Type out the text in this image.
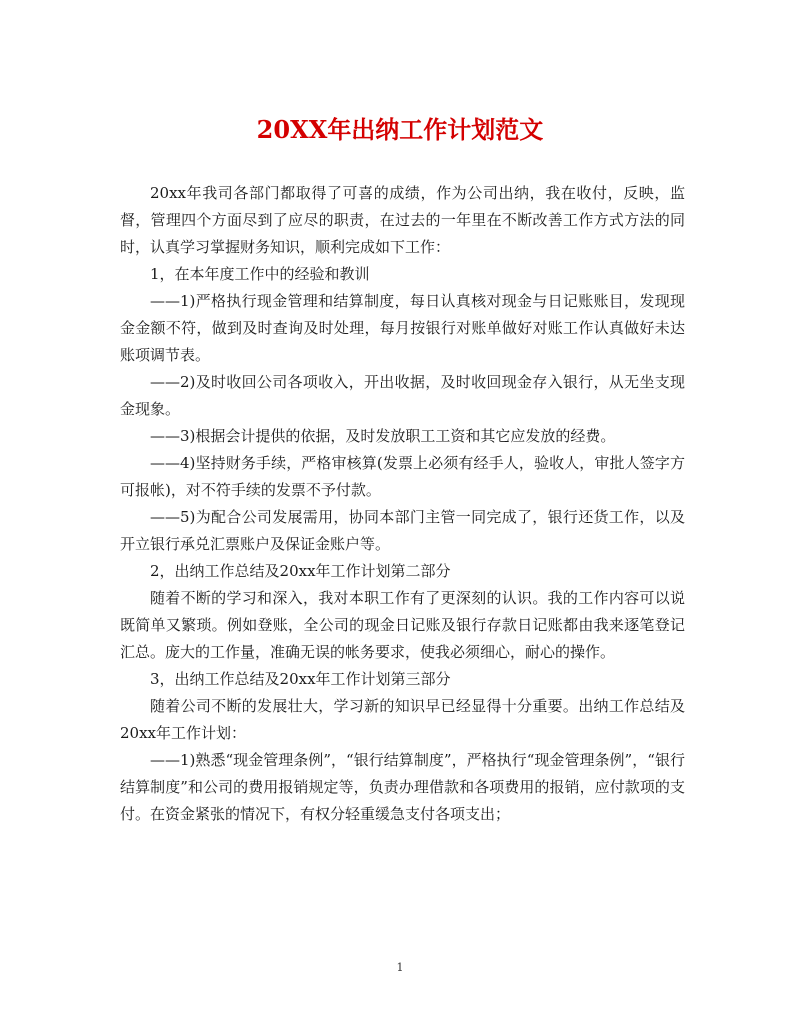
20XX年出纳工作计划范文

20xx年我司各部门都取得了可喜的成绩，作为公司出纳，我在收付，反映，监督，管理四个方面尽到了应尽的职责，在过去的一年里在不断改善工作方式方法的同时，认真学习掌握财务知识，顺利完成如下工作：

1，在本年度工作中的经验和教训

——1)严格执行现金管理和结算制度，每日认真核对现金与日记账账目，发现现金金额不符，做到及时查询及时处理，每月按银行对账单做好对账工作认真做好未达账项调节表。

——2)及时收回公司各项收入，开出收据，及时收回现金存入银行，从无坐支现金现象。

——3)根据会计提供的依据，及时发放职工工资和其它应发放的经费。

——4)坚持财务手续，严格审核算(发票上必须有经手人，验收人，审批人签字方可报帐)，对不符手续的发票不予付款。

——5)为配合公司发展需用，协同本部门主管一同完成了，银行还货工作，以及开立银行承兑汇票账户及保证金账户等。

2，出纳工作总结及20xx年工作计划第二部分

随着不断的学习和深入，我对本职工作有了更深刻的认识。我的工作内容可以说既简单又繁琐。例如登账，全公司的现金日记账及银行存款日记账都由我来逐笔登记汇总。庞大的工作量，准确无误的帐务要求，使我必须细心，耐心的操作。

3，出纳工作总结及20xx年工作计划第三部分

随着公司不断的发展壮大，学习新的知识早已经显得十分重要。出纳工作总结及20xx年工作计划：

——1)熟悉“现金管理条例”，“银行结算制度”，严格执行“现金管理条例”，“银行结算制度”和公司的费用报销规定等，负责办理借款和各项费用的报销，应付款项的支付。在资金紧张的情况下，有权分轻重缓急支付各项支出；

1
